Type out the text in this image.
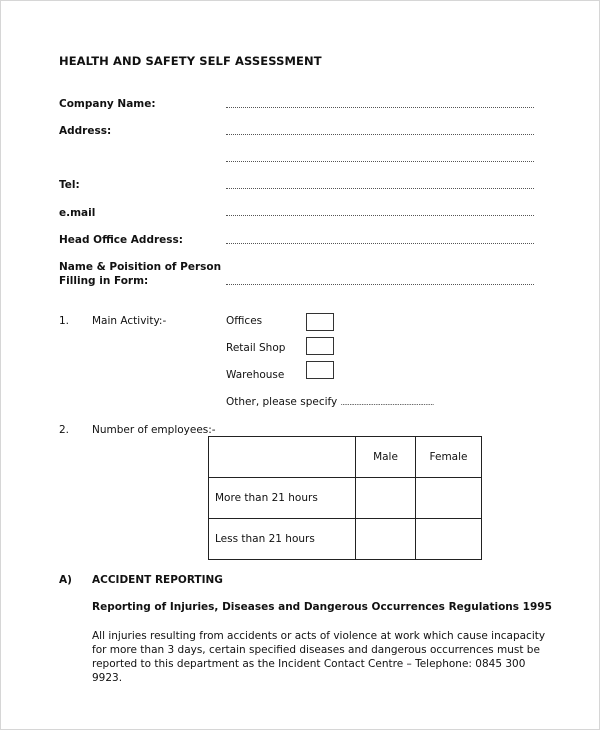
HEALTH AND SAFETY SELF ASSESSMENT
Company Name:
Address:
Tel:
e.mail
Head Office Address:
Name & Poisition of Person
Filling in Form:
1. Main Activity:-	Offices
Retail Shop
Warehouse
Other, please specify ......................................................
2. Number of employees:-
	Male	Female
More than 21 hours		
Less than 21 hours		
A) ACCIDENT REPORTING
Reporting of Injuries, Diseases and Dangerous Occurrences Regulations 1995
All injuries resulting from accidents or acts of violence at work which cause incapacity for more than 3 days, certain specified diseases and dangerous occurrences must be reported to this department as the Incident Contact Centre – Telephone: 0845 300 9923.
